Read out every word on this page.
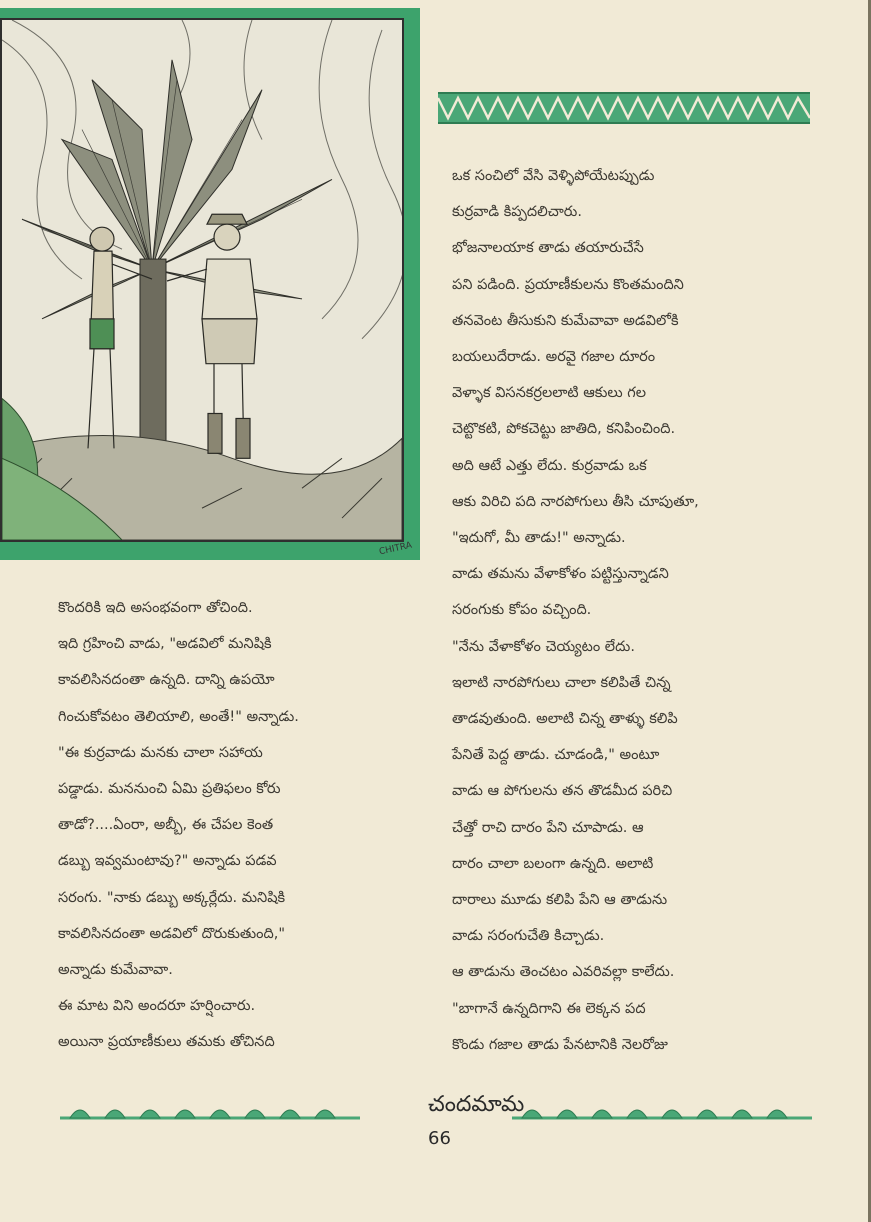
CHITRA

ఒక సంచిలో వేసి వెళ్ళిపోయేటప్పుడు

కుర్రవాడి కిప్పదలిచారు.

భోజనాలయాక తాడు తయారుచేసే

పని పడింది. ప్రయాణీకులను కొంతమందిని

తనవెంట తీసుకుని కుమేవావా అడవిలోకి

బయలుదేరాడు. అరవై గజాల దూరం

వెళ్ళాక విసనకర్రలలాటి ఆకులు గల

చెట్టొకటి, పోకచెట్టు జాతిది, కనిపించింది.

అది ఆటే ఎత్తు లేదు. కుర్రవాడు ఒక

ఆకు విరిచి పది నారపోగులు తీసి చూపుతూ,

"ఇదుగో, మీ తాడు!" అన్నాడు.

వాడు తమను వేళాకోళం పట్టిస్తున్నాడని

సరంగుకు కోపం వచ్చింది.

"నేను వేళాకోళం చెయ్యటం లేదు.

ఇలాటి నారపోగులు చాలా కలిపితే చిన్న

తాడవుతుంది. అలాటి చిన్న తాళ్ళు కలిపి

పేనితే పెద్ద తాడు. చూడండి," అంటూ

వాడు ఆ పోగులను తన తొడమీద పరిచి

చేత్తో రాచి దారం పేని చూపాడు. ఆ

దారం చాలా బలంగా ఉన్నది. అలాటి

దారాలు మూడు కలిపి పేని ఆ తాడును

వాడు సరంగుచేతి కిచ్చాడు.

ఆ తాడును తెంచటం ఎవరివల్లా కాలేదు.

"బాగానే ఉన్నదిగాని ఈ లెక్కన పద

కొండు గజాల తాడు పేనటానికి నెలరోజు

కొందరికి ఇది అసంభవంగా తోచింది.

ఇది గ్రహించి వాడు, "అడవిలో మనిషికి

కావలిసినదంతా ఉన్నది. దాన్ని ఉపయో

గించుకోవటం తెలియాలి, అంతే!" అన్నాడు.

"ఈ కుర్రవాడు మనకు చాలా సహాయ

పడ్డాడు. మననుంచి ఏమి ప్రతిఫలం కోరు

తాడో?....ఏంరా, అబ్బీ, ఈ చేపల కెంత

డబ్బు ఇవ్వమంటావు?" అన్నాడు పడవ

సరంగు. "నాకు డబ్బు అక్కర్లేదు. మనిషికి

కావలిసినదంతా అడవిలో దొరుకుతుంది,"

అన్నాడు కుమేవావా.

ఈ మాట విని అందరూ హర్షించారు.

అయినా ప్రయాణీకులు తమకు తోచినది

చందమామ
66
